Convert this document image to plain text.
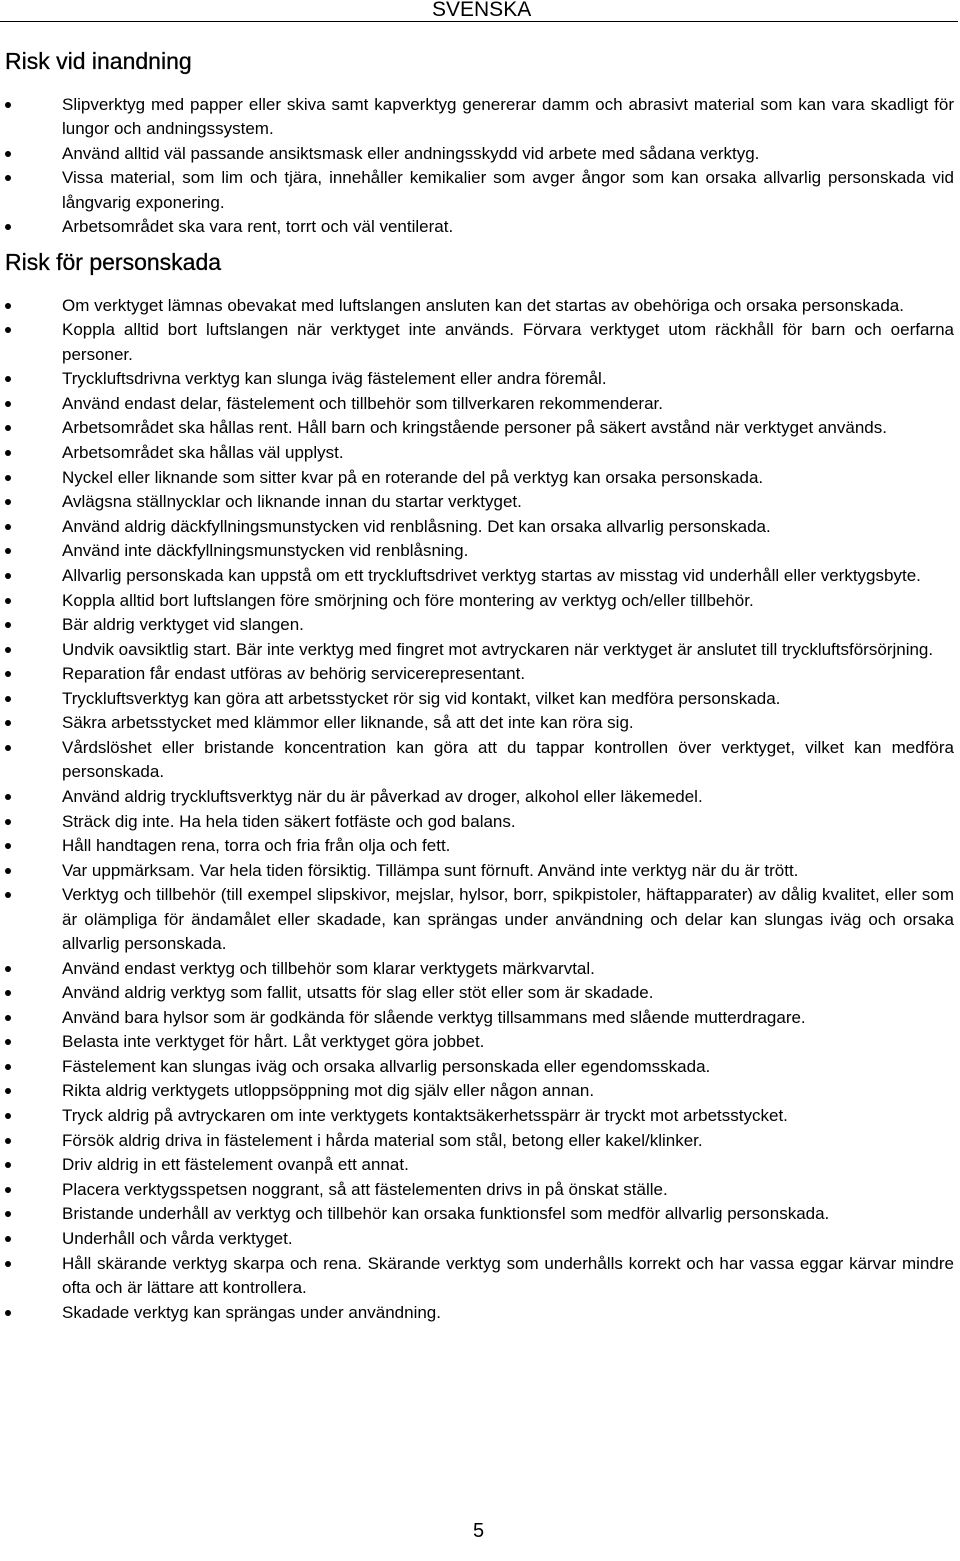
SVENSKA
Risk vid inandning
Slipverktyg med papper eller skiva samt kapverktyg genererar damm och abrasivt material som kan vara skadligt för lungor och andningssystem.
Använd alltid väl passande ansiktsmask eller andningsskydd vid arbete med sådana verktyg.
Vissa material, som lim och tjära, innehåller kemikalier som avger ångor som kan orsaka allvarlig personskada vid långvarig exponering.
Arbetsområdet ska vara rent, torrt och väl ventilerat.
Risk för personskada
Om verktyget lämnas obevakat med luftslangen ansluten kan det startas av obehöriga och orsaka personskada.
Koppla alltid bort luftslangen när verktyget inte används. Förvara verktyget utom räckhåll för barn och oerfarna personer.
Tryckluftsdrivna verktyg kan slunga iväg fästelement eller andra föremål.
Använd endast delar, fästelement och tillbehör som tillverkaren rekommenderar.
Arbetsområdet ska hållas rent. Håll barn och kringstående personer på säkert avstånd när verktyget används.
Arbetsområdet ska hållas väl upplyst.
Nyckel eller liknande som sitter kvar på en roterande del på verktyg kan orsaka personskada.
Avlägsna ställnycklar och liknande innan du startar verktyget.
Använd aldrig däckfyllningsmunstycken vid renblåsning. Det kan orsaka allvarlig personskada.
Använd inte däckfyllningsmunstycken vid renblåsning.
Allvarlig personskada kan uppstå om ett tryckluftsdrivet verktyg startas av misstag vid underhåll eller verktygsbyte.
Koppla alltid bort luftslangen före smörjning och före montering av verktyg och/eller tillbehör.
Bär aldrig verktyget vid slangen.
Undvik oavsiktlig start. Bär inte verktyg med fingret mot avtryckaren när verktyget är anslutet till tryckluftsförsörjning.
Reparation får endast utföras av behörig servicerepresentant.
Tryckluftsverktyg kan göra att arbetsstycket rör sig vid kontakt, vilket kan medföra personskada.
Säkra arbetsstycket med klämmor eller liknande, så att det inte kan röra sig.
Vårdslöshet eller bristande koncentration kan göra att du tappar kontrollen över verktyget, vilket kan medföra personskada.
Använd aldrig tryckluftsverktyg när du är påverkad av droger, alkohol eller läkemedel.
Sträck dig inte. Ha hela tiden säkert fotfäste och god balans.
Håll handtagen rena, torra och fria från olja och fett.
Var uppmärksam. Var hela tiden försiktig. Tillämpa sunt förnuft. Använd inte verktyg när du är trött.
Verktyg och tillbehör (till exempel slipskivor, mejslar, hylsor, borr, spikpistoler, häftapparater) av dålig kvalitet, eller som är olämpliga för ändamålet eller skadade, kan sprängas under användning och delar kan slungas iväg och orsaka allvarlig personskada.
Använd endast verktyg och tillbehör som klarar verktygets märkvarvtal.
Använd aldrig verktyg som fallit, utsatts för slag eller stöt eller som är skadade.
Använd bara hylsor som är godkända för slående verktyg tillsammans med slående mutterdragare.
Belasta inte verktyget för hårt. Låt verktyget göra jobbet.
Fästelement kan slungas iväg och orsaka allvarlig personskada eller egendomsskada.
Rikta aldrig verktygets utloppsöppning mot dig själv eller någon annan.
Tryck aldrig på avtryckaren om inte verktygets kontaktsäkerhetsspärr är tryckt mot arbetsstycket.
Försök aldrig driva in fästelement i hårda material som stål, betong eller kakel/klinker.
Driv aldrig in ett fästelement ovanpå ett annat.
Placera verktygsspetsen noggrant, så att fästelementen drivs in på önskat ställe.
Bristande underhåll av verktyg och tillbehör kan orsaka funktionsfel som medför allvarlig personskada.
Underhåll och vårda verktyget.
Håll skärande verktyg skarpa och rena. Skärande verktyg som underhålls korrekt och har vassa eggar kärvar mindre ofta och är lättare att kontrollera.
Skadade verktyg kan sprängas under användning.
5
